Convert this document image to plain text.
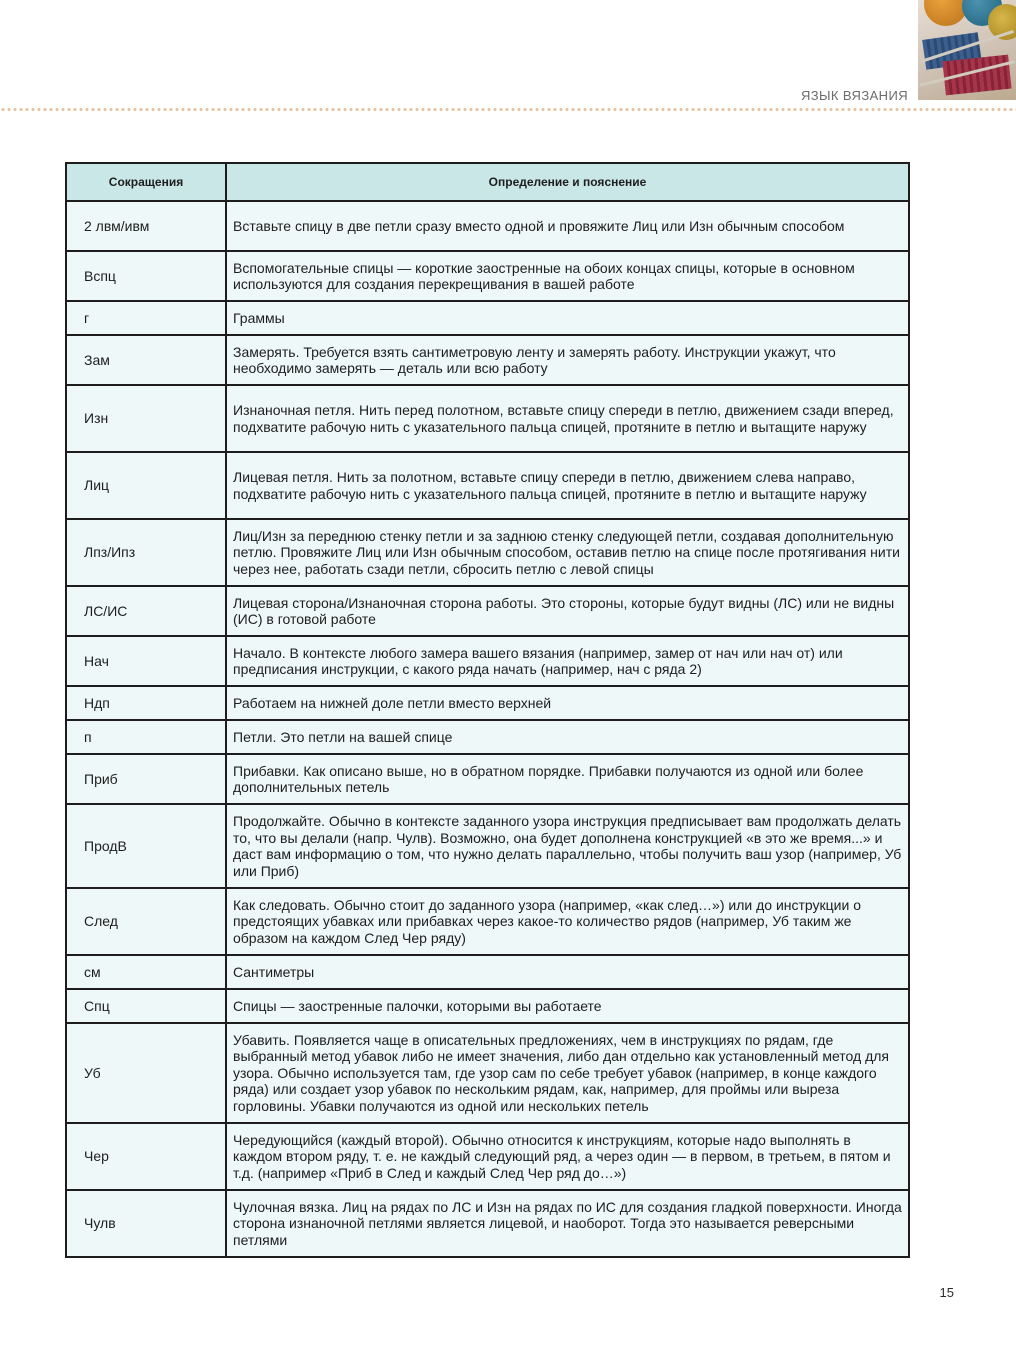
ЯЗЫК ВЯЗАНИЯ
Сокращения	Определение и пояснение
2 лвм/ивм	Вставьте спицу в две петли сразу вместо одной и провяжите Лиц или Изн обычным способом
Вспц	Вспомогательные спицы — короткие заостренные на обоих концах спицы, которые в основном используются для создания перекрещивания в вашей работе
г	Граммы
Зам	Замерять. Требуется взять сантиметровую ленту и замерять работу. Инструкции укажут, что необходимо замерять — деталь или всю работу
Изн	Изнаночная петля. Нить перед полотном, вставьте спицу спереди в петлю, движением сзади вперед, подхватите рабочую нить с указательного пальца спицей, протяните в петлю и вытащите наружу
Лиц	Лицевая петля. Нить за полотном, вставьте спицу спереди в петлю, движением слева направо, подхватите рабочую нить с указательного пальца спицей, протяните в петлю и вытащите наружу
Лпз/Ипз	Лиц/Изн за переднюю стенку петли и за заднюю стенку следующей петли, создавая дополнительную петлю. Провяжите Лиц или Изн обычным способом, оставив петлю на спице после протягивания нити через нее, работать сзади петли, сбросить петлю с левой спицы
ЛС/ИС	Лицевая сторона/Изнаночная сторона работы. Это стороны, которые будут видны (ЛС) или не видны (ИС) в готовой работе
Нач	Начало. В контексте любого замера вашего вязания (например, замер от нач или нач от) или предписания инструкции, с какого ряда начать (например, нач с ряда 2)
Ндп	Работаем на нижней доле петли вместо верхней
п	Петли. Это петли на вашей спице
Приб	Прибавки. Как описано выше, но в обратном порядке. Прибавки получаются из одной или более дополнительных петель
ПродВ	Продолжайте. Обычно в контексте заданного узора инструкция предписывает вам продолжать делать то, что вы делали (напр. Чулв). Возможно, она будет дополнена конструкцией «в это же время...» и даст вам информацию о том, что нужно делать параллельно, чтобы получить ваш узор (например, Уб или Приб)
След	Как следовать. Обычно стоит до заданного узора (например, «как след…») или до инструкции о предстоящих убавках или прибавках через какое-то количество рядов (например, Уб таким же образом на каждом След Чер ряду)
см	Сантиметры
Спц	Спицы — заостренные палочки, которыми вы работаете
Уб	Убавить. Появляется чаще в описательных предложениях, чем в инструкциях по рядам, где выбранный метод убавок либо не имеет значения, либо дан отдельно как установленный метод для узора. Обычно используется там, где узор сам по себе требует убавок (например, в конце каждого ряда) или создает узор убавок по нескольким рядам, как, например, для проймы или выреза горловины. Убавки получаются из одной или нескольких петель
Чер	Чередующийся (каждый второй). Обычно относится к инструкциям, которые надо выполнять в каждом втором ряду, т. е. не каждый следующий ряд, а через один — в первом, в третьем, в пятом и т.д. (например «Приб в След и каждый След Чер ряд до…»)
Чулв	Чулочная вязка. Лиц на рядах по ЛС и Изн на рядах по ИС для создания гладкой поверхности. Иногда сторона изнаночной петлями является лицевой, и наоборот. Тогда это называется реверсными петлями
15
